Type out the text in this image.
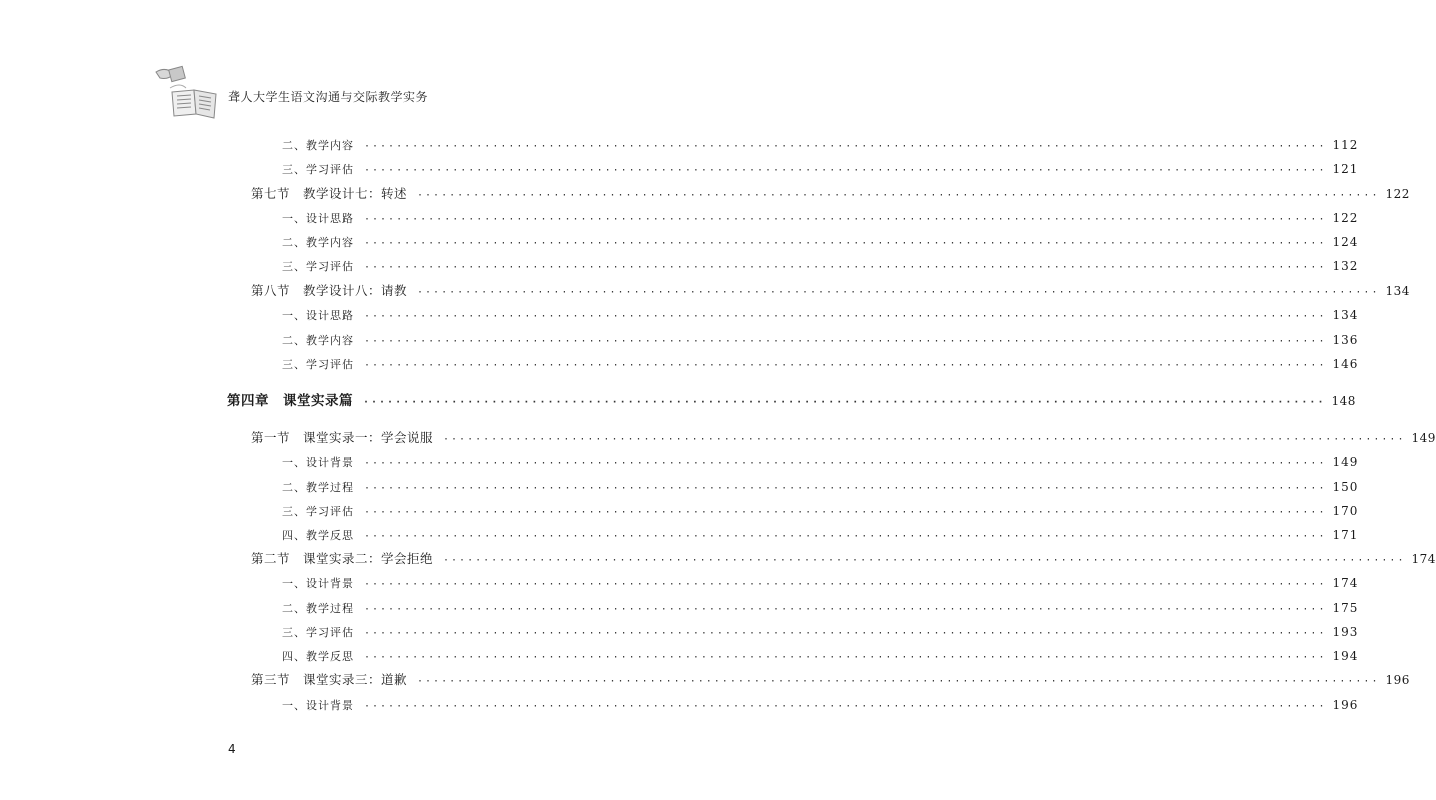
聋人大学生语文沟通与交际教学实务
二、教学内容 ························································································································ 112
三、学习评估 ························································································································ 121
第七节　教学设计七：转述 ························································································································ 122
一、设计思路 ························································································································ 122
二、教学内容 ························································································································ 124
三、学习评估 ························································································································ 132
第八节　教学设计八：请教 ························································································································ 134
一、设计思路 ························································································································ 134
二、教学内容 ························································································································ 136
三、学习评估 ························································································································ 146
第四章　课堂实录篇 ························································································································ 148
第一节　课堂实录一：学会说服 ························································································································ 149
一、设计背景 ························································································································ 149
二、教学过程 ························································································································ 150
三、学习评估 ························································································································ 170
四、教学反思 ························································································································ 171
第二节　课堂实录二：学会拒绝 ························································································································ 174
一、设计背景 ························································································································ 174
二、教学过程 ························································································································ 175
三、学习评估 ························································································································ 193
四、教学反思 ························································································································ 194
第三节　课堂实录三：道歉 ························································································································ 196
一、设计背景 ························································································································ 196
4
